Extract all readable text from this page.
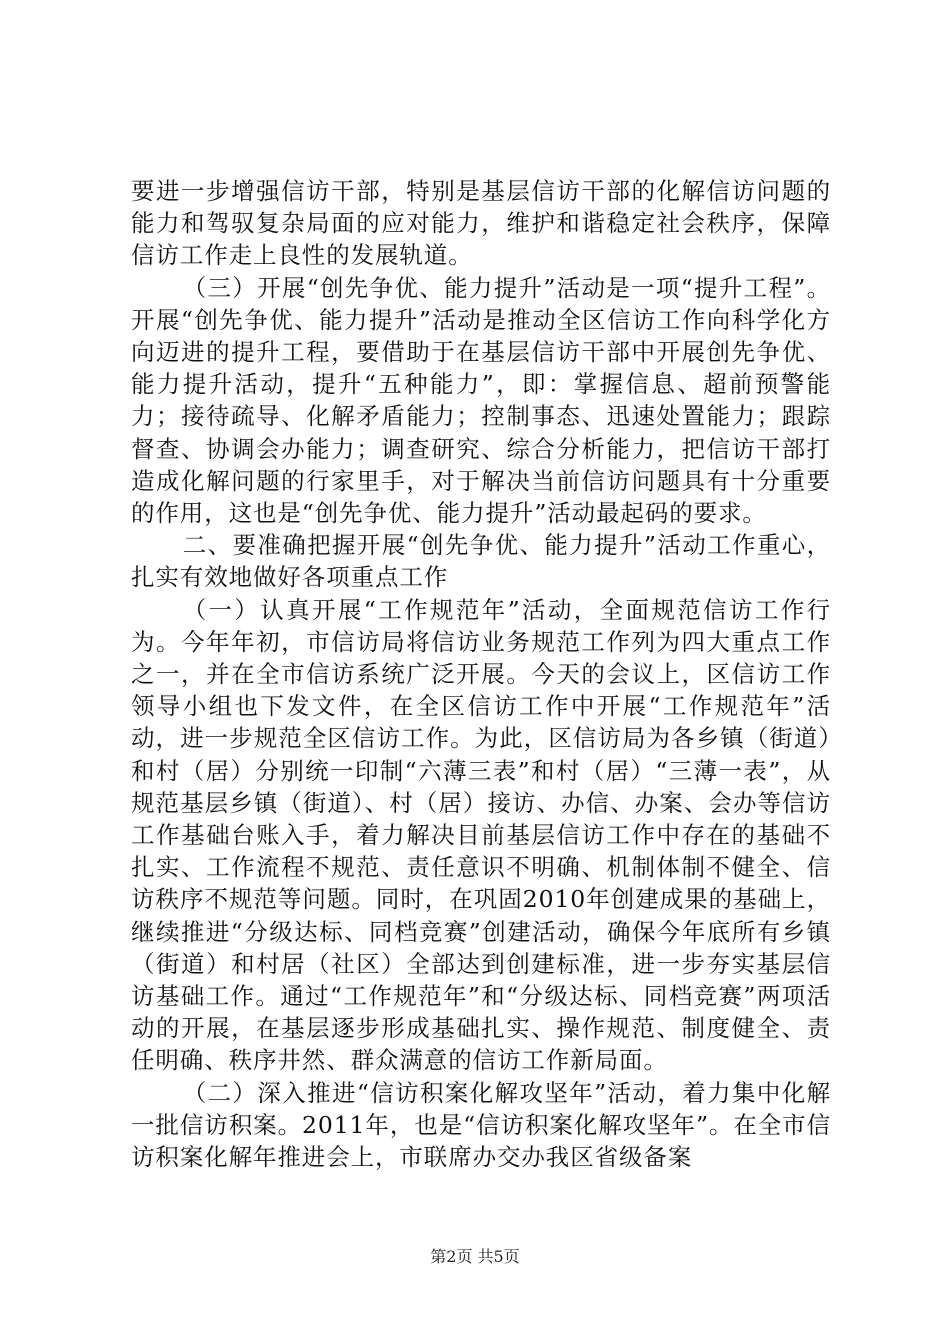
要进一步增强信访干部，特别是基层信访干部的化解信访问题的能力和驾驭复杂局面的应对能力，维护和谐稳定社会秩序，保障信访工作走上良性的发展轨道。

（三）开展“创先争优、能力提升”活动是一项“提升工程”。开展“创先争优、能力提升”活动是推动全区信访工作向科学化方向迈进的提升工程，要借助于在基层信访干部中开展创先争优、能力提升活动，提升“五种能力”，即：掌握信息、超前预警能力；接待疏导、化解矛盾能力；控制事态、迅速处置能力；跟踪督查、协调会办能力；调查研究、综合分析能力，把信访干部打造成化解问题的行家里手，对于解决当前信访问题具有十分重要的作用，这也是“创先争优、能力提升”活动最起码的要求。

二、要准确把握开展“创先争优、能力提升”活动工作重心，扎实有效地做好各项重点工作

（一）认真开展“工作规范年”活动，全面规范信访工作行为。今年年初，市信访局将信访业务规范工作列为四大重点工作之一，并在全市信访系统广泛开展。今天的会议上，区信访工作领导小组也下发文件，在全区信访工作中开展“工作规范年”活动，进一步规范全区信访工作。为此，区信访局为各乡镇（街道）和村（居）分别统一印制“六薄三表”和村（居）“三薄一表”，从规范基层乡镇（街道）、村（居）接访、办信、办案、会办等信访工作基础台账入手，着力解决目前基层信访工作中存在的基础不扎实、工作流程不规范、责任意识不明确、机制体制不健全、信访秩序不规范等问题。同时，在巩固2010年创建成果的基础上，继续推进“分级达标、同档竞赛”创建活动，确保今年底所有乡镇（街道）和村居（社区）全部达到创建标准，进一步夯实基层信访基础工作。通过“工作规范年”和“分级达标、同档竞赛”两项活动的开展，在基层逐步形成基础扎实、操作规范、制度健全、责任明确、秩序井然、群众满意的信访工作新局面。

（二）深入推进“信访积案化解攻坚年”活动，着力集中化解一批信访积案。2011年，也是“信访积案化解攻坚年”。在全市信访积案化解年推进会上，市联席办交办我区省级备案

第2页 共5页
